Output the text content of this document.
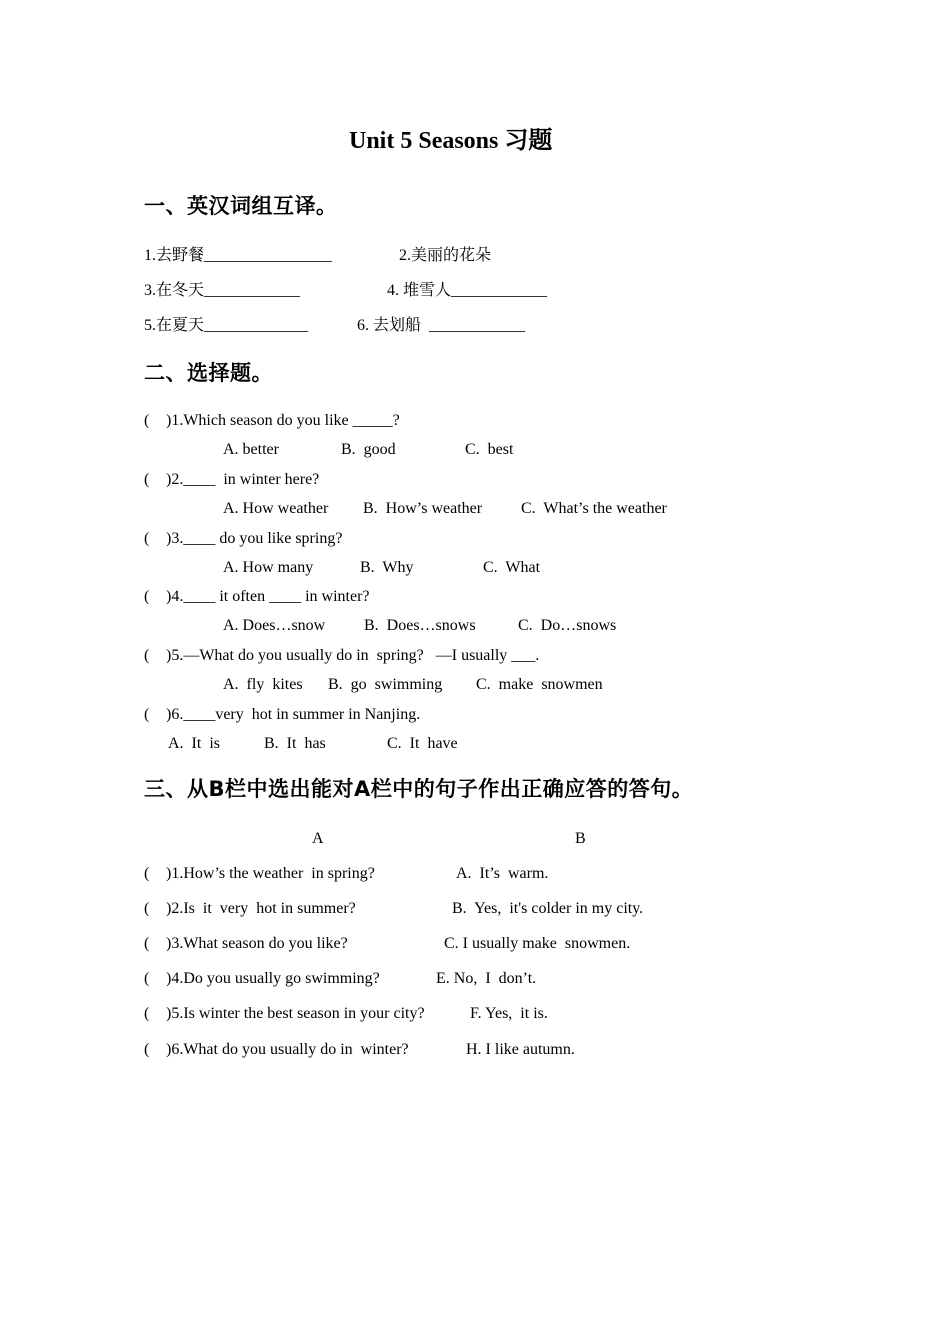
Unit 5 Seasons 习题
一、英汉词组互译。
1.去野餐________________	2.美丽的花朵
3.在冬天____________	4. 堆雪人____________
5.在夏天_____________	6. 去划船 ____________
二、选择题。
( )1.Which season do you like _____?
A. better	B.  good	C.  best
( )2.____  in winter here?
A. How weather B.  How’s weather C.  What’s the weather
( )3.____ do you like spring?
A. How many	B.  Why	C.  What
( )4.____ it often ____ in winter?
A. Does…snow B.  Does…snows	C.  Do…snows
( )5.—What do you usually do in  spring?   —I usually ___.
A.  fly  kites B.  go  swimming C.  make  snowmen
( )6.____very  hot in summer in Nanjing.
A.  It  is	B.  It  has	C.  It  have
三、从B栏中选出能对A栏中的句子作出正确应答的答句。
A	B
( )1.How’s the weather  in spring?	A.  It’s  warm.
( )2.Is  it  very  hot in summer?	B.  Yes,  it's colder in my city.
( )3.What season do you like?	C. I usually make  snowmen.
( )4.Do you usually go swimming?	E. No,  I  don’t.
( )5.Is winter the best season in your city?	F. Yes,  it is.
( )6.What do you usually do in  winter?	H. I like autumn.
